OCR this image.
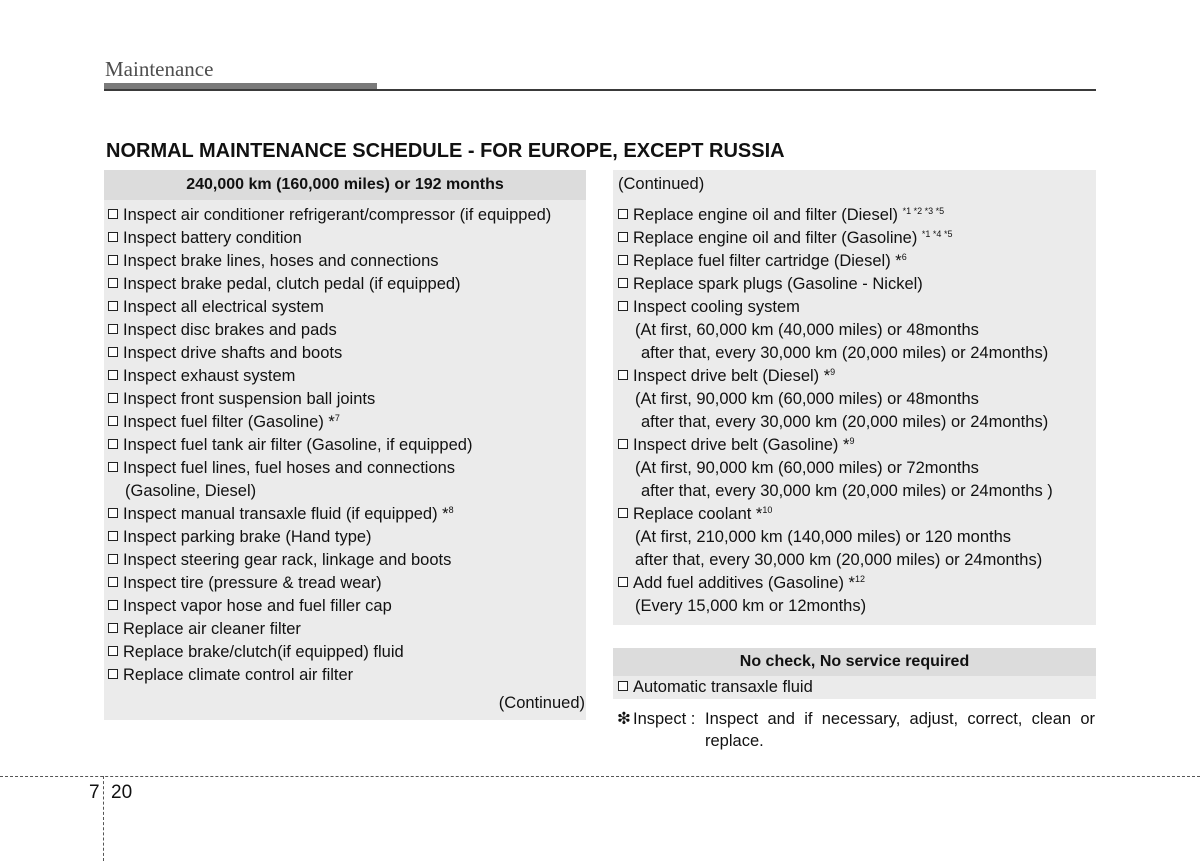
Maintenance
NORMAL MAINTENANCE SCHEDULE - FOR EUROPE, EXCEPT RUSSIA
240,000 km (160,000 miles) or 192 months
Inspect air conditioner refrigerant/compressor (if equipped)
Inspect battery condition
Inspect brake lines, hoses and connections
Inspect brake pedal, clutch pedal (if equipped)
Inspect all electrical system
Inspect disc brakes and pads
Inspect drive shafts and boots
Inspect exhaust system
Inspect front suspension ball joints
Inspect fuel filter (Gasoline) *$^7$
Inspect fuel tank air filter (Gasoline, if equipped)
Inspect fuel lines, fuel hoses and connections
(Gasoline, Diesel)
Inspect manual transaxle fluid (if equipped) *$^8$
Inspect parking brake (Hand type)
Inspect steering gear rack, linkage and boots
Inspect tire (pressure & tread wear)
Inspect vapor hose and fuel filler cap
Replace air cleaner filter
Replace brake/clutch(if equipped) fluid
Replace climate control air filter
(Continued)
(Continued)
Replace engine oil and filter (Diesel) $^{*1 *2 *3 *5}$
Replace engine oil and filter (Gasoline) $^{*1 *4 *5}$
Replace fuel filter cartridge (Diesel) *$^6$
Replace spark plugs (Gasoline - Nickel)
Inspect cooling system
(At first, 60,000 km (40,000 miles) or 48months
after that, every 30,000 km (20,000 miles) or 24months)
Inspect drive belt (Diesel) *$^9$
(At first, 90,000 km (60,000 miles) or 48months
after that, every 30,000 km (20,000 miles) or 24months)
Inspect drive belt (Gasoline) *$^9$
(At first, 90,000 km (60,000 miles) or 72months
after that, every 30,000 km (20,000 miles) or 24months )
Replace coolant *$^{10}$
(At first, 210,000 km (140,000 miles) or 120 months
after that, every 30,000 km (20,000 miles) or 24months)
Add fuel additives (Gasoline) *$^{12}$
(Every 15,000 km or 12months)
No check, No service required
Automatic transaxle fluid
❇ Inspect : Inspect and if necessary, adjust, correct, clean or replace.
7 20
